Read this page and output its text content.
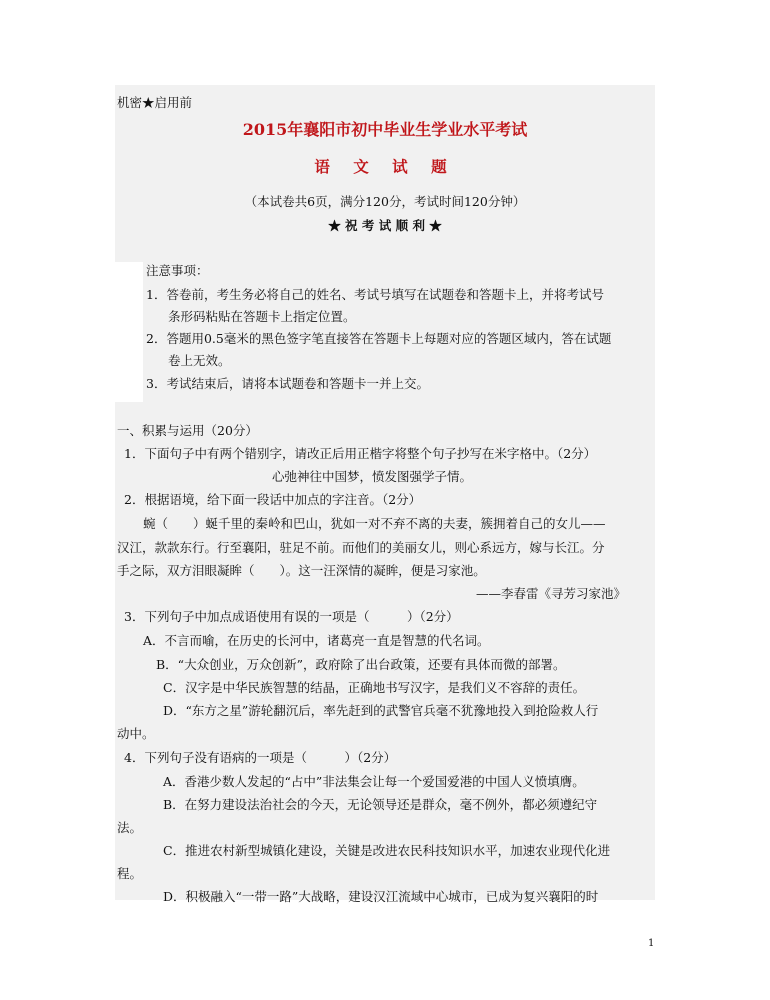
机密★启用前
2015年襄阳市初中毕业生学业水平考试
语 文 试 题
（本试卷共6页，满分120分，考试时间120分钟）
★ 祝 考 试 顺 利 ★
注意事项：
1．答卷前，考生务必将自己的姓名、考试号填写在试题卷和答题卡上，并将考试号
条形码粘贴在答题卡上指定位置。
2．答题用0.5毫米的黑色签字笔直接答在答题卡上每题对应的答题区域内，答在试题
卷上无效。
3．考试结束后，请将本试题卷和答题卡一并上交。
一、积累与运用（20分）
1．下面句子中有两个错别字，请改正后用正楷字将整个句子抄写在米字格中。（2分）
心弛神往中国梦，愤发图强学子情。
2．根据语境，给下面一段话中加点的字注音。（2分）
蜿（　　）蜒千里的秦岭和巴山，犹如一对不弃不离的夫妻，簇拥着自己的女儿——
汉江，款款东行。行至襄阳，驻足不前。而他们的美丽女儿，则心系远方，嫁与长江。分
手之际，双方泪眼凝眸（　　）。这一汪深情的凝眸，便是习家池。
——李春雷《寻芳习家池》
3．下列句子中加点成语使用有误的一项是（　　　）（2分）
A．不言而喻，在历史的长河中，诸葛亮一直是智慧的代名词。
B．“大众创业，万众创新”，政府除了出台政策，还要有具体而微的部署。
C．汉字是中华民族智慧的结晶，正确地书写汉字，是我们义不容辞的责任。
D．“东方之星”游轮翻沉后，率先赶到的武警官兵毫不犹豫地投入到抢险救人行
动中。
4．下列句子没有语病的一项是（　　　）（2分）
A．香港少数人发起的“占中”非法集会让每一个爱国爱港的中国人义愤填膺。
B．在努力建设法治社会的今天，无论领导还是群众，毫不例外，都必须遵纪守
法。
C．推进农村新型城镇化建设，关键是改进农民科技知识水平，加速农业现代化进
程。
D．积极融入“一带一路”大战略，建设汉江流域中心城市，已成为复兴襄阳的时
1
